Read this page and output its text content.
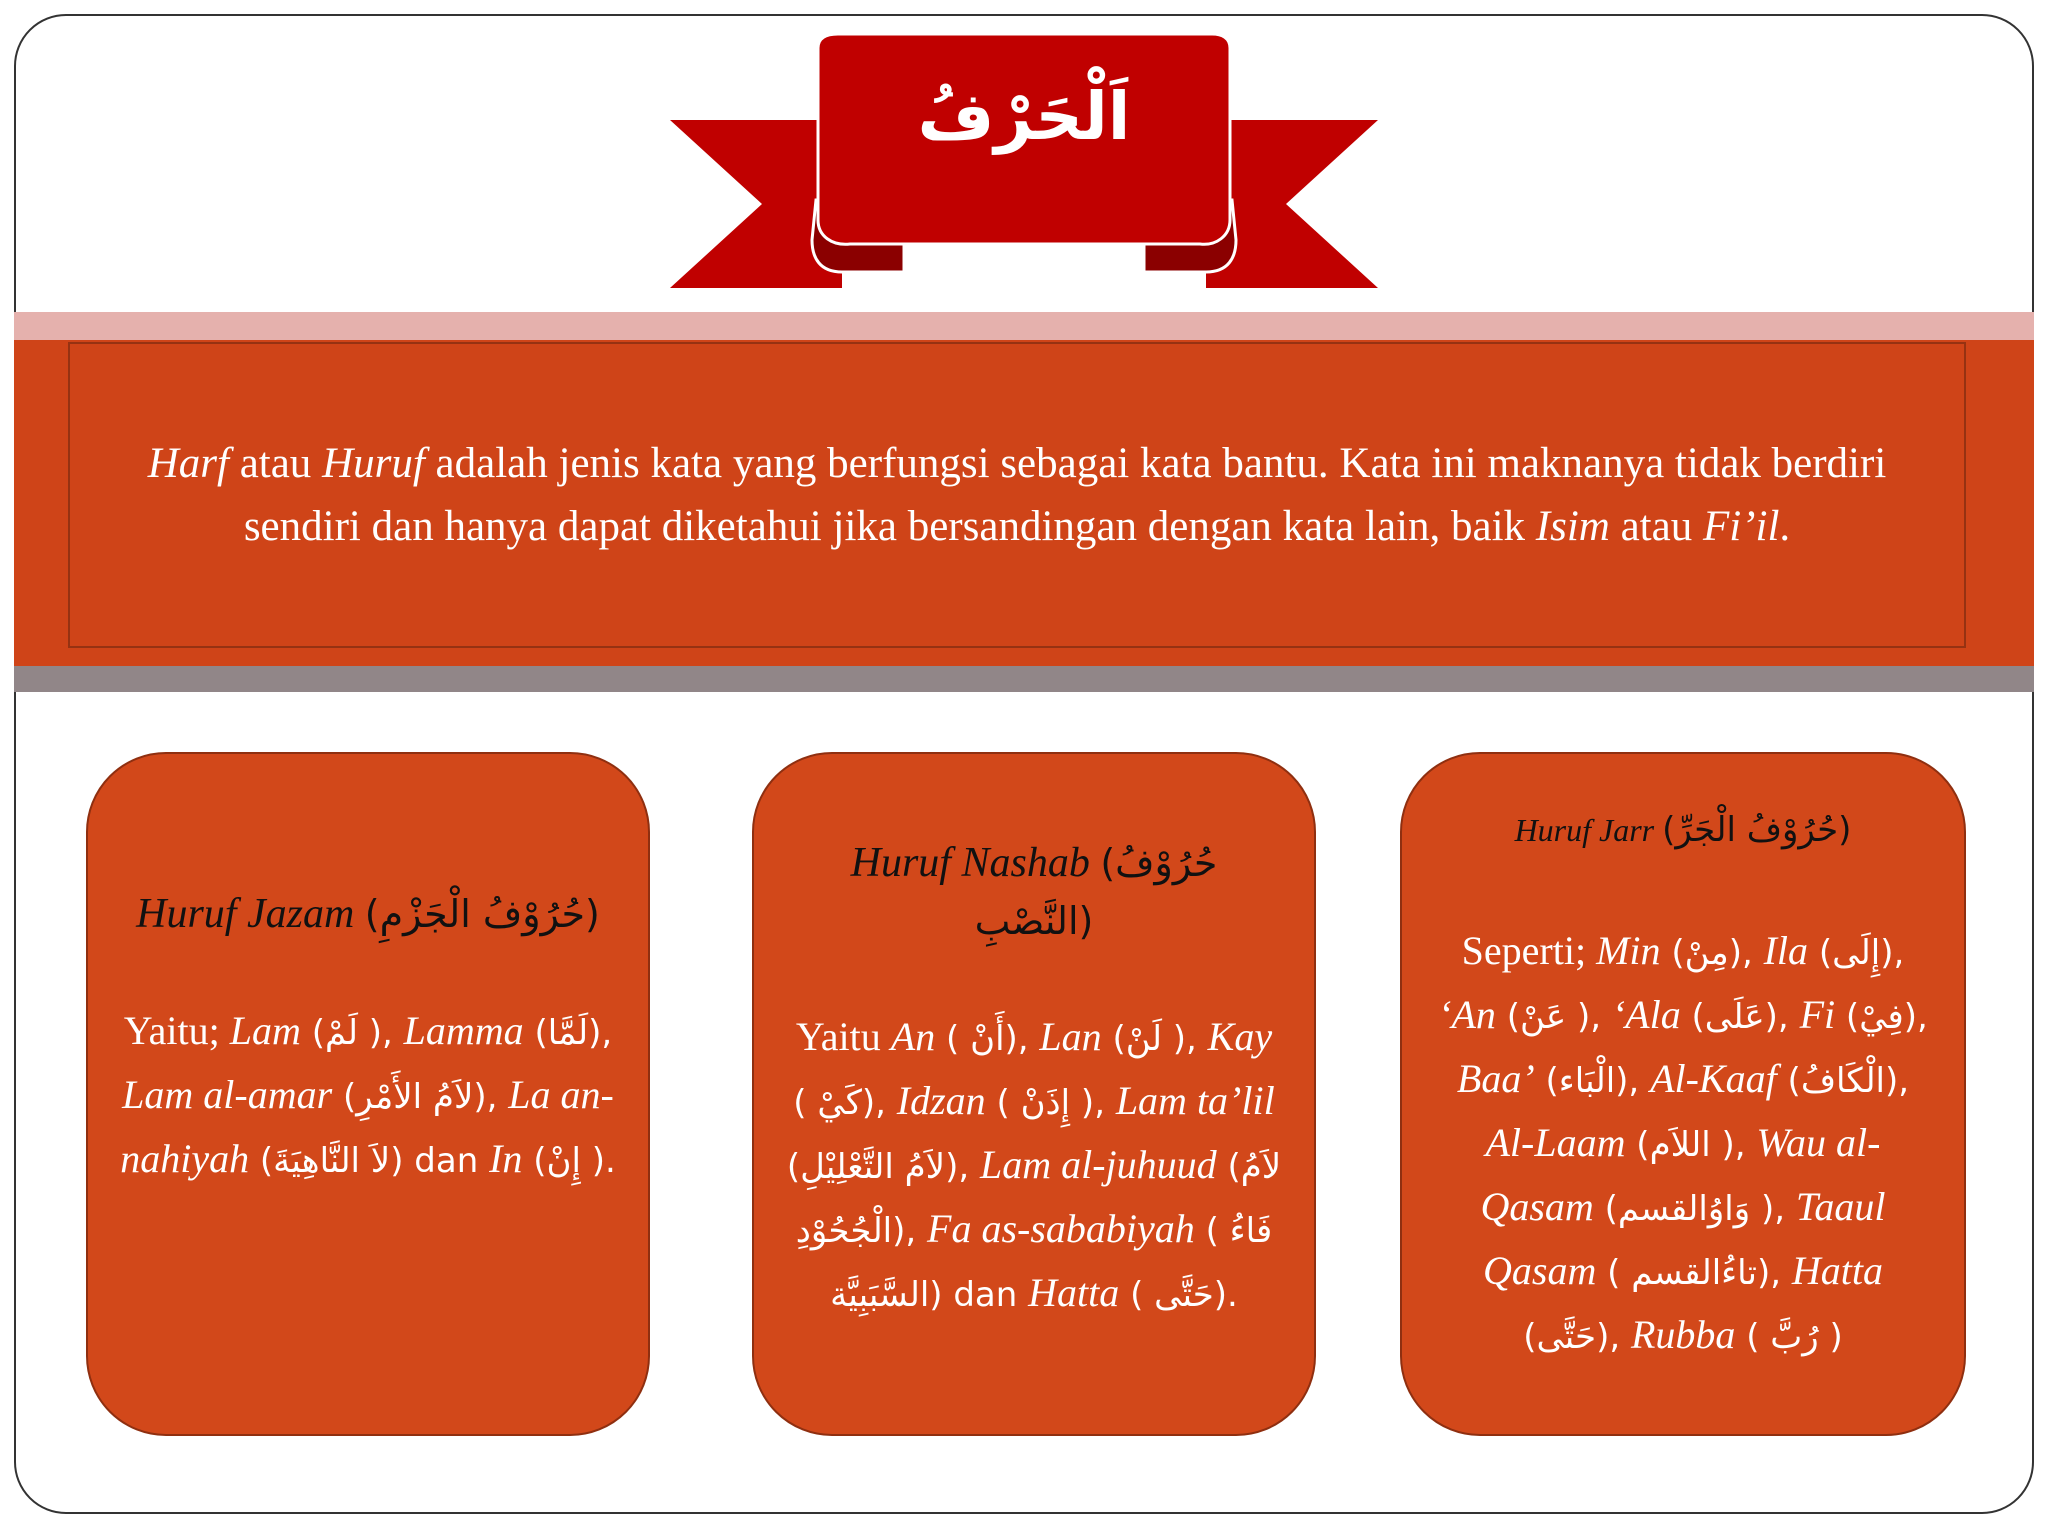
اَلْحَرْفُ

Harf atau Huruf adalah jenis kata yang berfungsi sebagai kata bantu. Kata ini maknanya tidak berdiri sendiri dan hanya dapat diketahui jika bersandingan dengan kata lain, baik Isim atau Fi’il.

Huruf Jazam (حُرُوْفُ الْجَزْمِ)

Yaitu; Lam (لَمْ ), Lamma (لَمَّا), Lam al-amar (لاَمُ الأَمْرِ), La an-nahiyah (لاَ النَّاهِيَةَ) dan In (إِنْ ).

Huruf Nashab (حُرُوْفُ النَّصْبِ)

Yaitu An ( أَنْ), Lan (لَنْ ), Kay ( كَيْ), Idzan ( إِذَنْ ), Lam ta’lil (لاَمُ التَّعْلِيْلِ), Lam al-juhuud (لاَمُ الْجُحُوْدِ), Fa as-sababiyah ( فَاءُ السَّبَبِيَّة) dan Hatta ( حَتَّى).

Huruf Jarr (حُرُوْفُ الْجَرِّ)

Seperti; Min (مِنْ), Ila (إِلَى), ‘An (عَنْ ), ‘Ala (عَلَى), Fi (فِيْ), Baa’ (الْبَاء), Al-Kaaf (الْكَافُ), Al-Laam (اللاَم ), Wau al-Qasam (وَاوُالقسم ), Taaul Qasam ( تاءُالقسم), Hatta (حَتَّى), Rubba ( رُبَّ )
